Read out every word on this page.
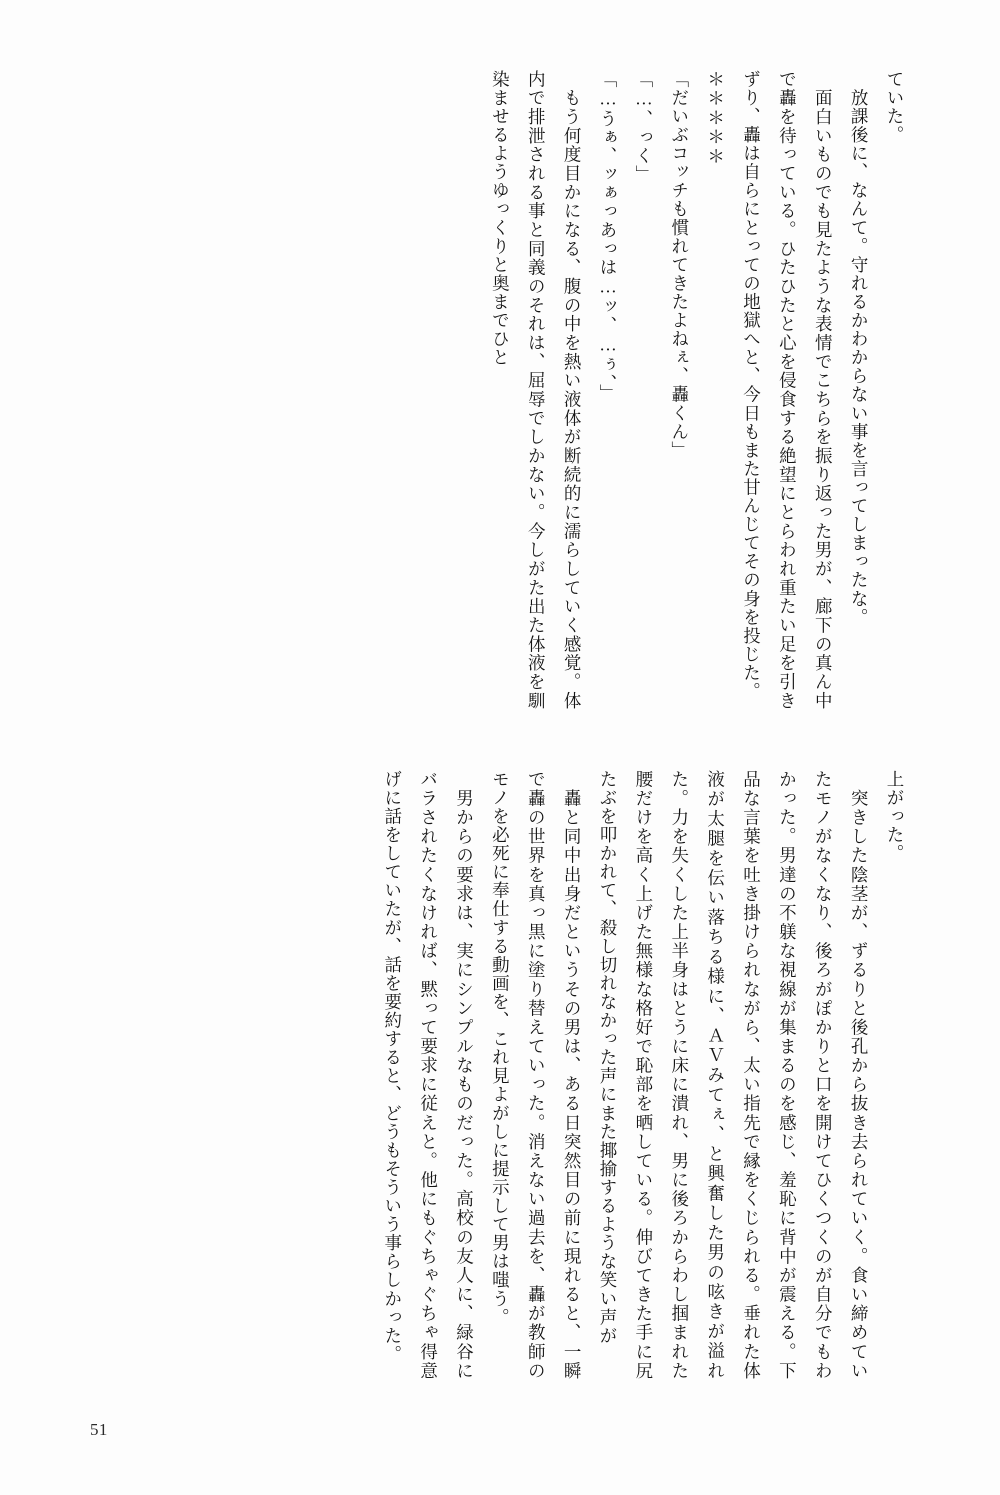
ていた。

　放課後に、なんて。守れるかわからない事を言ってしまったな。

　面白いものでも見たような表情でこちらを振り返った男が、廊下の真ん中で轟を待っている。ひたひたと心を侵食する絶望にとらわれ重たい足を引きずり、轟は自らにとっての地獄へと、今日もまた甘んじてその身を投じた。

＊＊＊＊＊

「だいぶコッチも慣れてきたよねぇ、轟くん」

「…、っく」

「…うぁ、ッぁっあっは…ッ、…ぅ、」

　もう何度目かになる、腹の中を熱い液体が断続的に濡らしていく感覚。体内で排泄される事と同義のそれは、屈辱でしかない。今しがた出た体液を馴染ませるようゆっくりと奥までひと

上がった。

　突きした陰茎が、ずるりと後孔から抜き去られていく。食い締めていたモノがなくなり、後ろがぽかりと口を開けてひくつくのが自分でもわかった。男達の不躾な視線が集まるのを感じ、羞恥に背中が震える。下品な言葉を吐き掛けられながら、太い指先で縁をくじられる。垂れた体液が太腿を伝い落ちる様に、ＡＶみてぇ、と興奮した男の呟きが溢れた。力を失くした上半身はとうに床に潰れ、男に後ろからわし掴まれた腰だけを高く上げた無様な格好で恥部を晒している。伸びてきた手に尻たぶを叩かれて、殺し切れなかった声にまた揶揄するような笑い声が

　轟と同中出身だというその男は、ある日突然目の前に現れると、一瞬で轟の世界を真っ黒に塗り替えていった。消えない過去を、轟が教師のモノを必死に奉仕する動画を、これ見よがしに提示して男は嗤う。

　男からの要求は、実にシンプルなものだった。高校の友人に、緑谷にバラされたくなければ、黙って要求に従えと。他にもぐちゃぐちゃ得意げに話をしていたが、話を要約すると、どうもそういう事らしかった。

51
